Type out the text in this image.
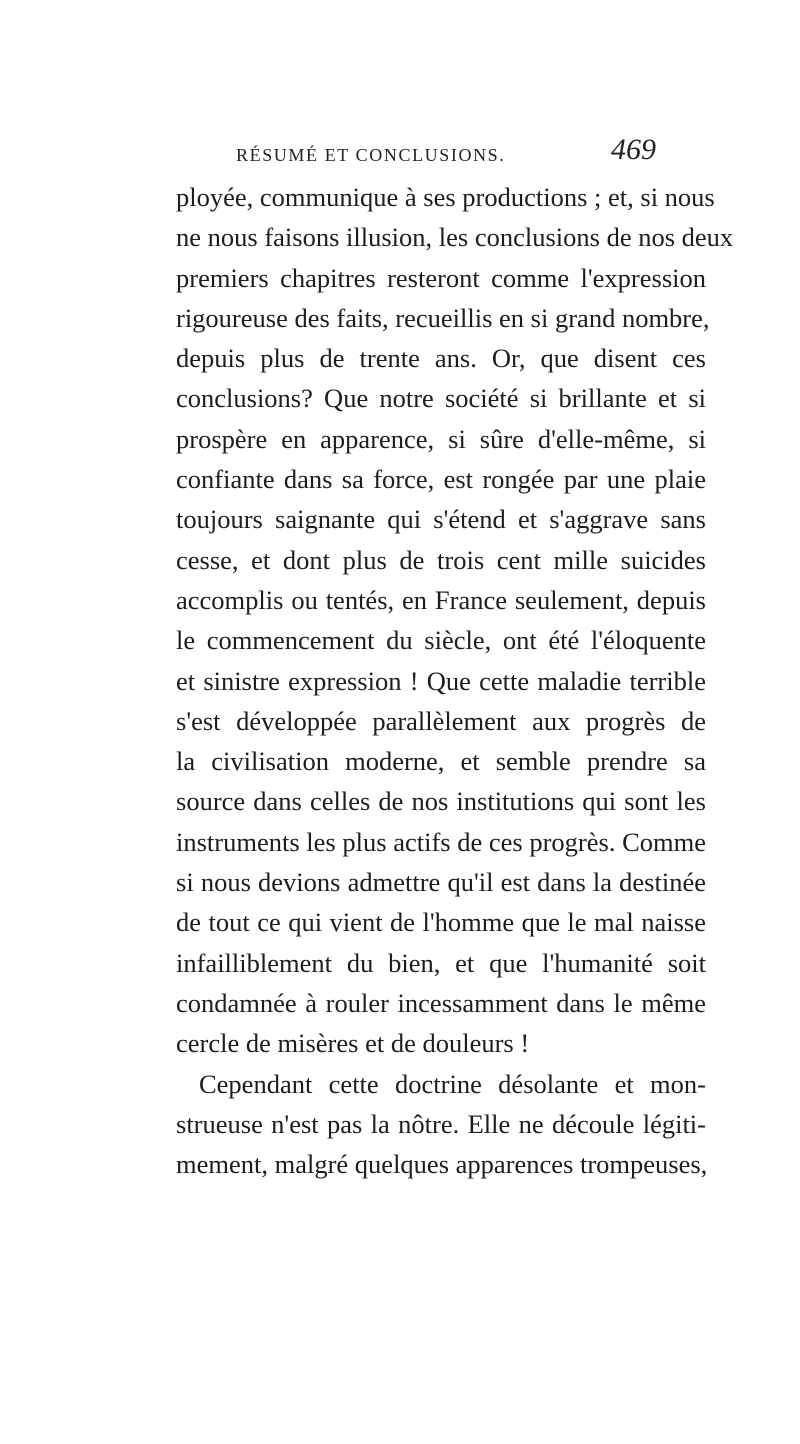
RÉSUMÉ ET CONCLUSIONS.	469
ployée, communique à ses productions ; et, si nous
ne nous faisons illusion, les conclusions de nos deux
premiers chapitres resteront comme l'expression
rigoureuse des faits, recueillis en si grand nombre,
depuis plus de trente ans. Or, que disent ces
conclusions? Que notre société si brillante et si
prospère en apparence, si sûre d'elle-même, si
confiante dans sa force, est rongée par une plaie
toujours saignante qui s'étend et s'aggrave sans
cesse, et dont plus de trois cent mille suicides
accomplis ou tentés, en France seulement, depuis
le commencement du siècle, ont été l'éloquente
et sinistre expression ! Que cette maladie terrible
s'est développée parallèlement aux progrès de
la civilisation moderne, et semble prendre sa
source dans celles de nos institutions qui sont les
instruments les plus actifs de ces progrès. Comme
si nous devions admettre qu'il est dans la destinée
de tout ce qui vient de l'homme que le mal naisse
infailliblement du bien, et que l'humanité soit
condamnée à rouler incessamment dans le même
cercle de misères et de douleurs !
Cependant cette doctrine désolante et mon-
strueuse n'est pas la nôtre. Elle ne découle légiti-
mement, malgré quelques apparences trompeuses,
